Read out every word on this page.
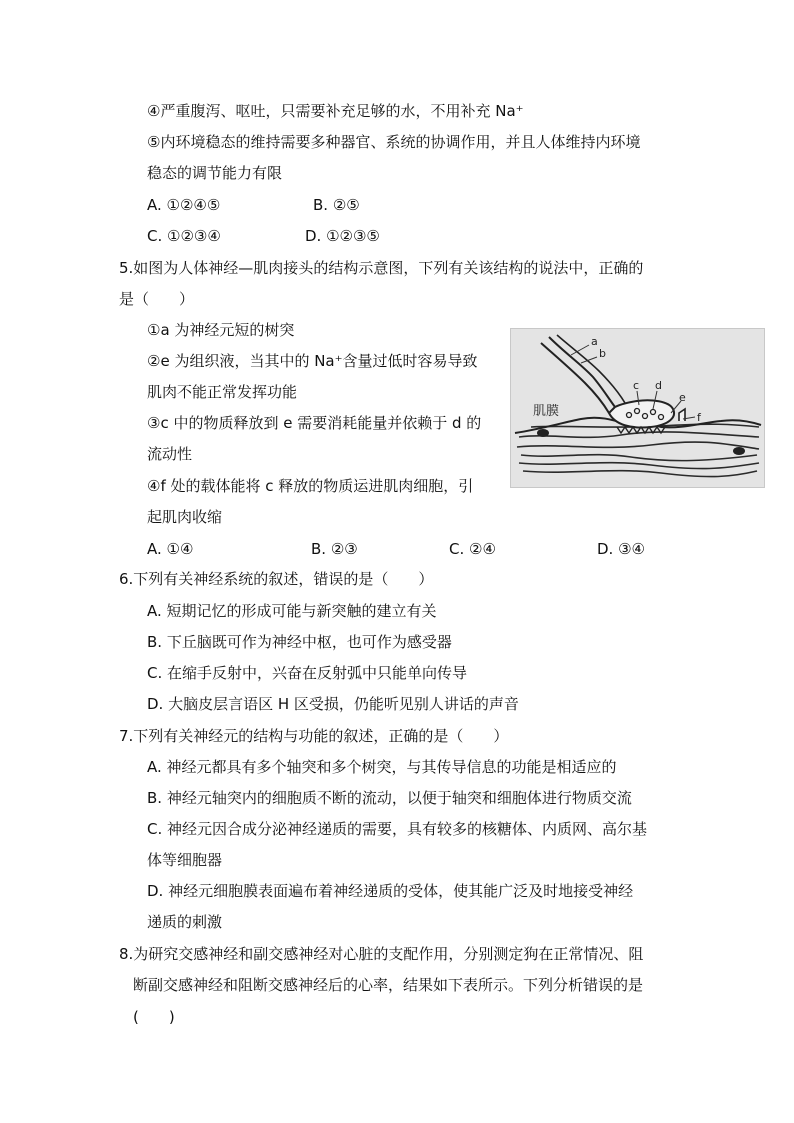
④严重腹泻、呕吐，只需要补充足够的水，不用补充 Na⁺
⑤内环境稳态的维持需要多种器官、系统的协调作用，并且人体维持内环境
稳态的调节能力有限
A. ①②④⑤	B. ②⑤
C. ①②③④	D. ①②③⑤
5.如图为人体神经—肌肉接头的结构示意图，下列有关该结构的说法中，正确的
是（　　）
①a 为神经元短的树突
②e 为组织液，当其中的 Na⁺含量过低时容易导致
肌肉不能正常发挥功能
③c 中的物质释放到 e 需要消耗能量并依赖于 d 的
流动性
④f 处的载体能将 c 释放的物质运进肌肉细胞，引
起肌肉收缩
A. ①④	B. ②③	C. ②④	D. ③④
a
b
c d
e
f
肌膜
6.下列有关神经系统的叙述，错误的是（　　）
A. 短期记忆的形成可能与新突触的建立有关
B. 下丘脑既可作为神经中枢，也可作为感受器
C. 在缩手反射中，兴奋在反射弧中只能单向传导
D. 大脑皮层言语区 H 区受损，仍能听见别人讲话的声音
7.下列有关神经元的结构与功能的叙述，正确的是（　　）
A. 神经元都具有多个轴突和多个树突，与其传导信息的功能是相适应的
B. 神经元轴突内的细胞质不断的流动，以便于轴突和细胞体进行物质交流
C. 神经元因合成分泌神经递质的需要，具有较多的核糖体、内质网、高尔基
体等细胞器
D. 神经元细胞膜表面遍布着神经递质的受体，使其能广泛及时地接受神经
递质的刺激
8.为研究交感神经和副交感神经对心脏的支配作用，分别测定狗在正常情况、阻
断副交感神经和阻断交感神经后的心率，结果如下表所示。下列分析错误的是
(　　)
